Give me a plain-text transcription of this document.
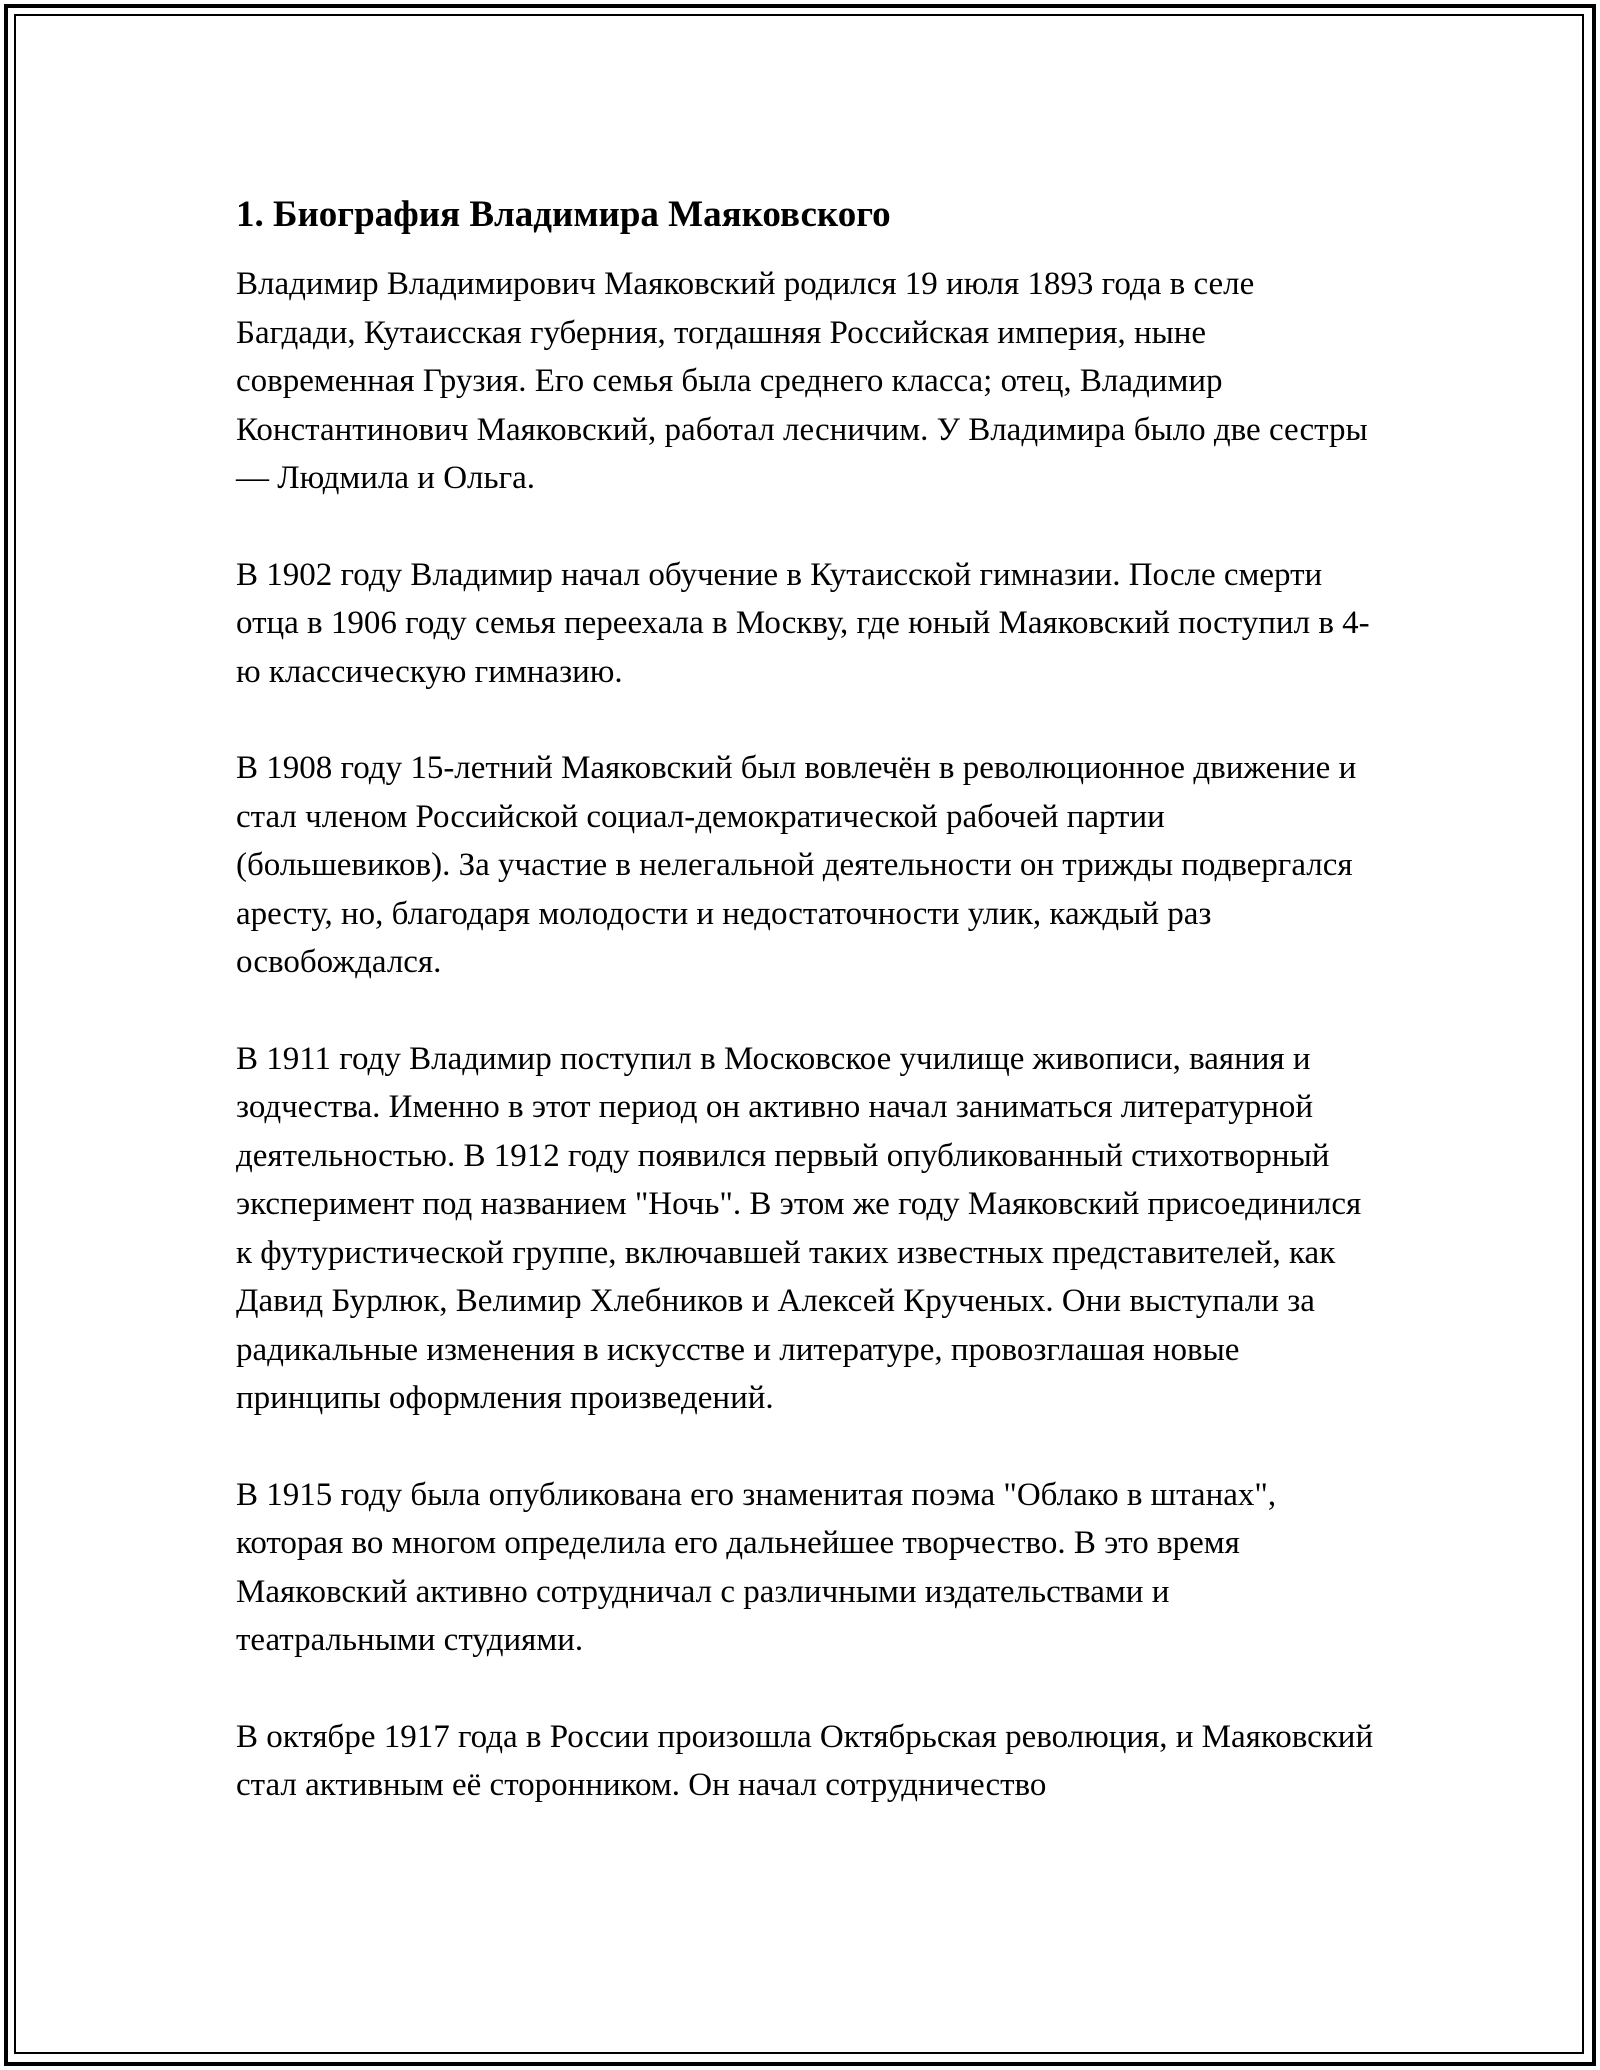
1. Биография Владимира Маяковского

Владимир Владимирович Маяковский родился 19 июля 1893 года в селе Багдади, Кутаисская губерния, тогдашняя Российская империя, ныне современная Грузия. Его семья была среднего класса; отец, Владимир Константинович Маяковский, работал лесничим. У Владимира было две сестры — Людмила и Ольга.

В 1902 году Владимир начал обучение в Кутаисской гимназии. После смерти отца в 1906 году семья переехала в Москву, где юный Маяковский поступил в 4-ю классическую гимназию.

В 1908 году 15-летний Маяковский был вовлечён в революционное движение и стал членом Российской социал-демократической рабочей партии (большевиков). За участие в нелегальной деятельности он трижды подвергался аресту, но, благодаря молодости и недостаточности улик, каждый раз освобождался.

В 1911 году Владимир поступил в Московское училище живописи, ваяния и зодчества. Именно в этот период он активно начал заниматься литературной деятельностью. В 1912 году появился первый опубликованный стихотворный эксперимент под названием "Ночь". В этом же году Маяковский присоединился к футуристической группе, включавшей таких известных представителей, как Давид Бурлюк, Велимир Хлебников и Алексей Крученых. Они выступали за радикальные изменения в искусстве и литературе, провозглашая новые принципы оформления произведений.

В 1915 году была опубликована его знаменитая поэма "Облако в штанах", которая во многом определила его дальнейшее творчество. В это время Маяковский активно сотрудничал с различными издательствами и театральными студиями.

В октябре 1917 года в России произошла Октябрьская революция, и Маяковский стал активным её сторонником. Он начал сотрудничество
